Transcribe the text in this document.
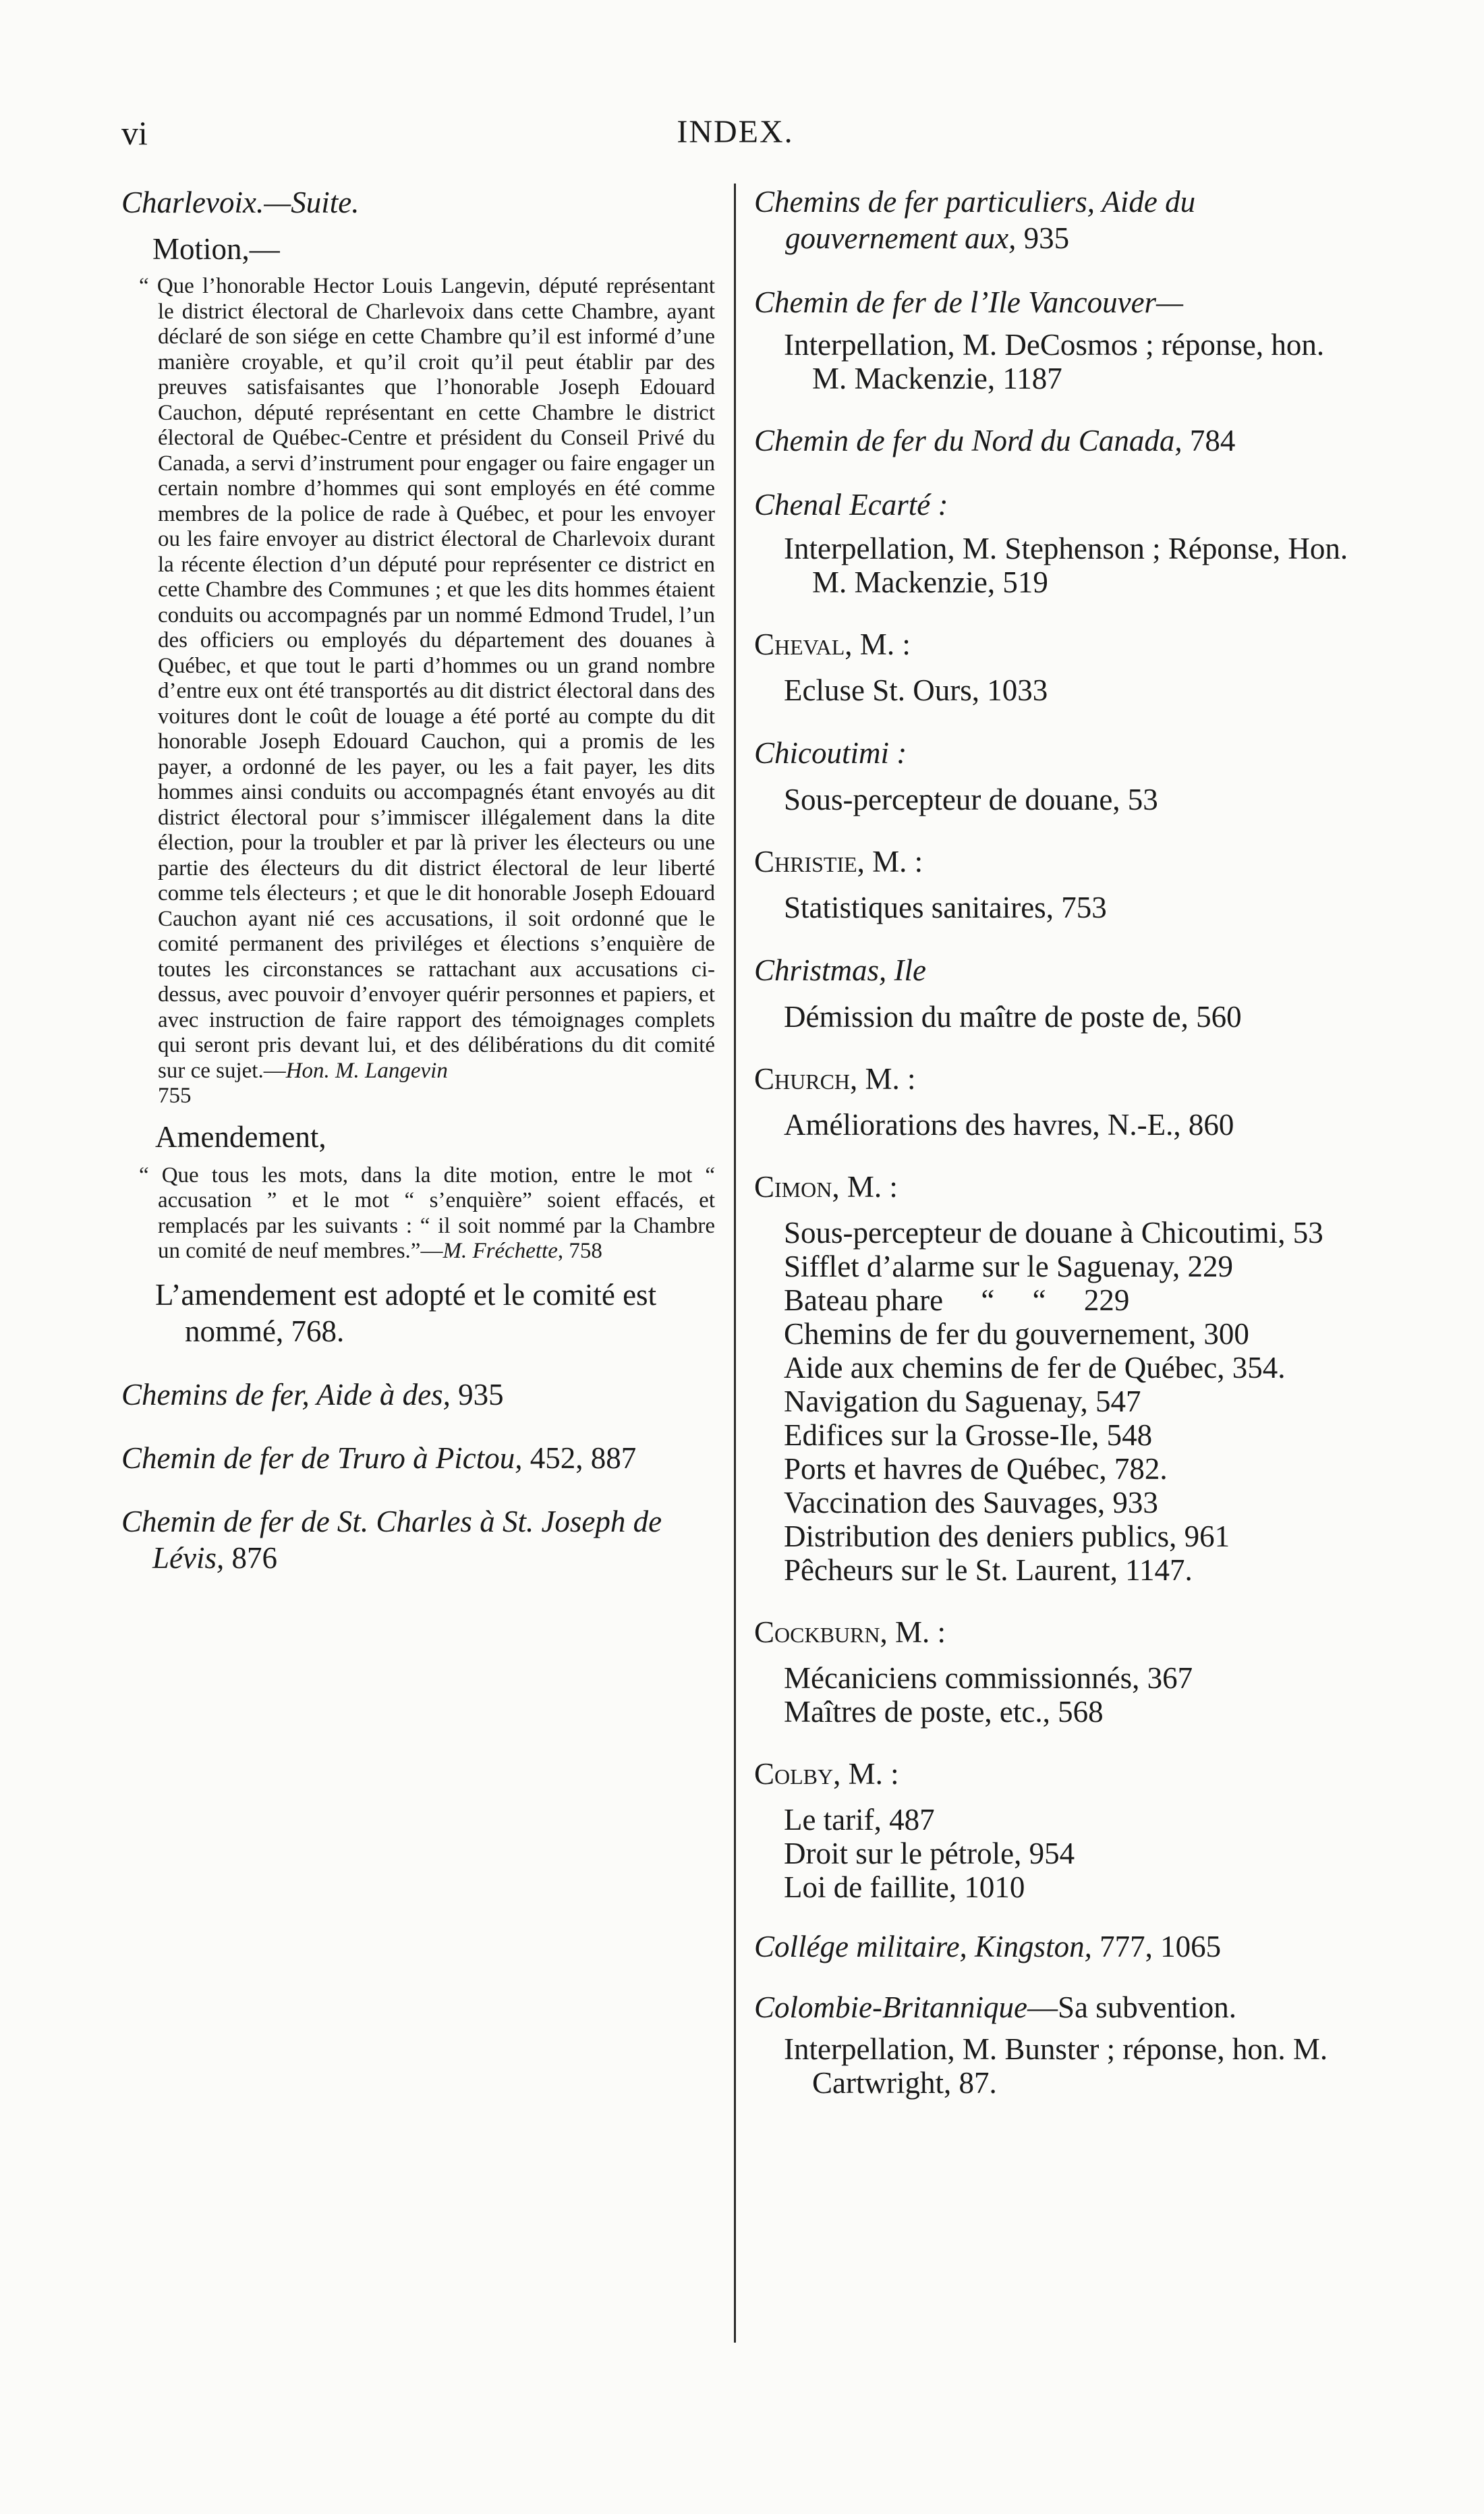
vi	INDEX.

Charlevoix.—Suite.

Motion,—

“ Que l’honorable Hector Louis Langevin, député représentant le district électoral de Charlevoix dans cette Chambre, ayant déclaré de son siége en cette Chambre qu’il est informé d’une manière croyable, et qu’il croit qu’il peut établir par des preuves satisfaisantes que l’honorable Joseph Edouard Cauchon, député représentant en cette Chambre le district électoral de Québec-Centre et président du Conseil Privé du Canada, a servi d’instrument pour engager ou faire engager un certain nombre d’hommes qui sont employés en été comme membres de la police de rade à Québec, et pour les envoyer ou les faire envoyer au district électoral de Charlevoix durant la récente élection d’un député pour représenter ce district en cette Chambre des Communes ; et que les dits hommes étaient conduits ou accompagnés par un nommé Edmond Trudel, l’un des officiers ou employés du département des douanes à Québec, et que tout le parti d’hommes ou un grand nombre d’entre eux ont été transportés au dit district électoral dans des voitures dont le coût de louage a été porté au compte du dit honorable Joseph Edouard Cauchon, qui a promis de les payer, a ordonné de les payer, ou les a fait payer, les dits hommes ainsi conduits ou accompagnés étant envoyés au dit district électoral pour s’immiscer illégalement dans la dite élection, pour la troubler et par là priver les électeurs ou une partie des électeurs du dit district électoral de leur liberté comme tels électeurs ; et que le dit honorable Joseph Edouard Cauchon ayant nié ces accusations, il soit ordonné que le comité permanent des priviléges et élections s’enquière de toutes les circonstances se rattachant aux accusations ci-dessus, avec pouvoir d’envoyer quérir personnes et papiers, et avec instruction de faire rapport des témoignages complets qui seront pris devant lui, et des délibérations du dit comité sur ce sujet.—Hon. M. Langevin
755

Amendement,

“ Que tous les mots, dans la dite motion, entre le mot “ accusation ” et le mot “ s’enquière” soient effacés, et remplacés par les suivants : “ il soit nommé par la Chambre un comité de neuf membres.”—M. Fréchette, 758

L’amendement est adopté et le comité est nommé, 768.

Chemins de fer, Aide à des, 935

Chemin de fer de Truro à Pictou, 452, 887

Chemin de fer de St. Charles à St. Joseph de Lévis, 876

Chemins de fer particuliers, Aide du gouvernement aux, 935

Chemin de fer de l’Ile Vancouver—

Interpellation, M. DeCosmos ; réponse, hon. M. Mackenzie, 1187

Chemin de fer du Nord du Canada, 784

Chenal Ecarté :

Interpellation, M. Stephenson ; Réponse, Hon. M. Mackenzie, 519

Cheval, M. :

Ecluse St. Ours, 1033

Chicoutimi :

Sous-percepteur de douane, 53

Christie, M. :

Statistiques sanitaires, 753

Christmas, Ile

Démission du maître de poste de, 560

Church, M. :

Améliorations des havres, N.-E., 860

Cimon, M. :

Sous-percepteur de douane à Chicoutimi, 53

Sifflet d’alarme sur le Saguenay, 229

Bateau phare     “     “     229

Chemins de fer du gouvernement, 300

Aide aux chemins de fer de Québec, 354.

Navigation du Saguenay, 547

Edifices sur la Grosse-Ile, 548

Ports et havres de Québec, 782.

Vaccination des Sauvages, 933

Distribution des deniers publics, 961

Pêcheurs sur le St. Laurent, 1147.

Cockburn, M. :

Mécaniciens commissionnés, 367

Maîtres de poste, etc., 568

Colby, M. :

Le tarif, 487

Droit sur le pétrole, 954

Loi de faillite, 1010

Collége militaire, Kingston, 777, 1065

Colombie-Britannique—Sa subvention.

Interpellation, M. Bunster ; réponse, hon. M. Cartwright, 87.
